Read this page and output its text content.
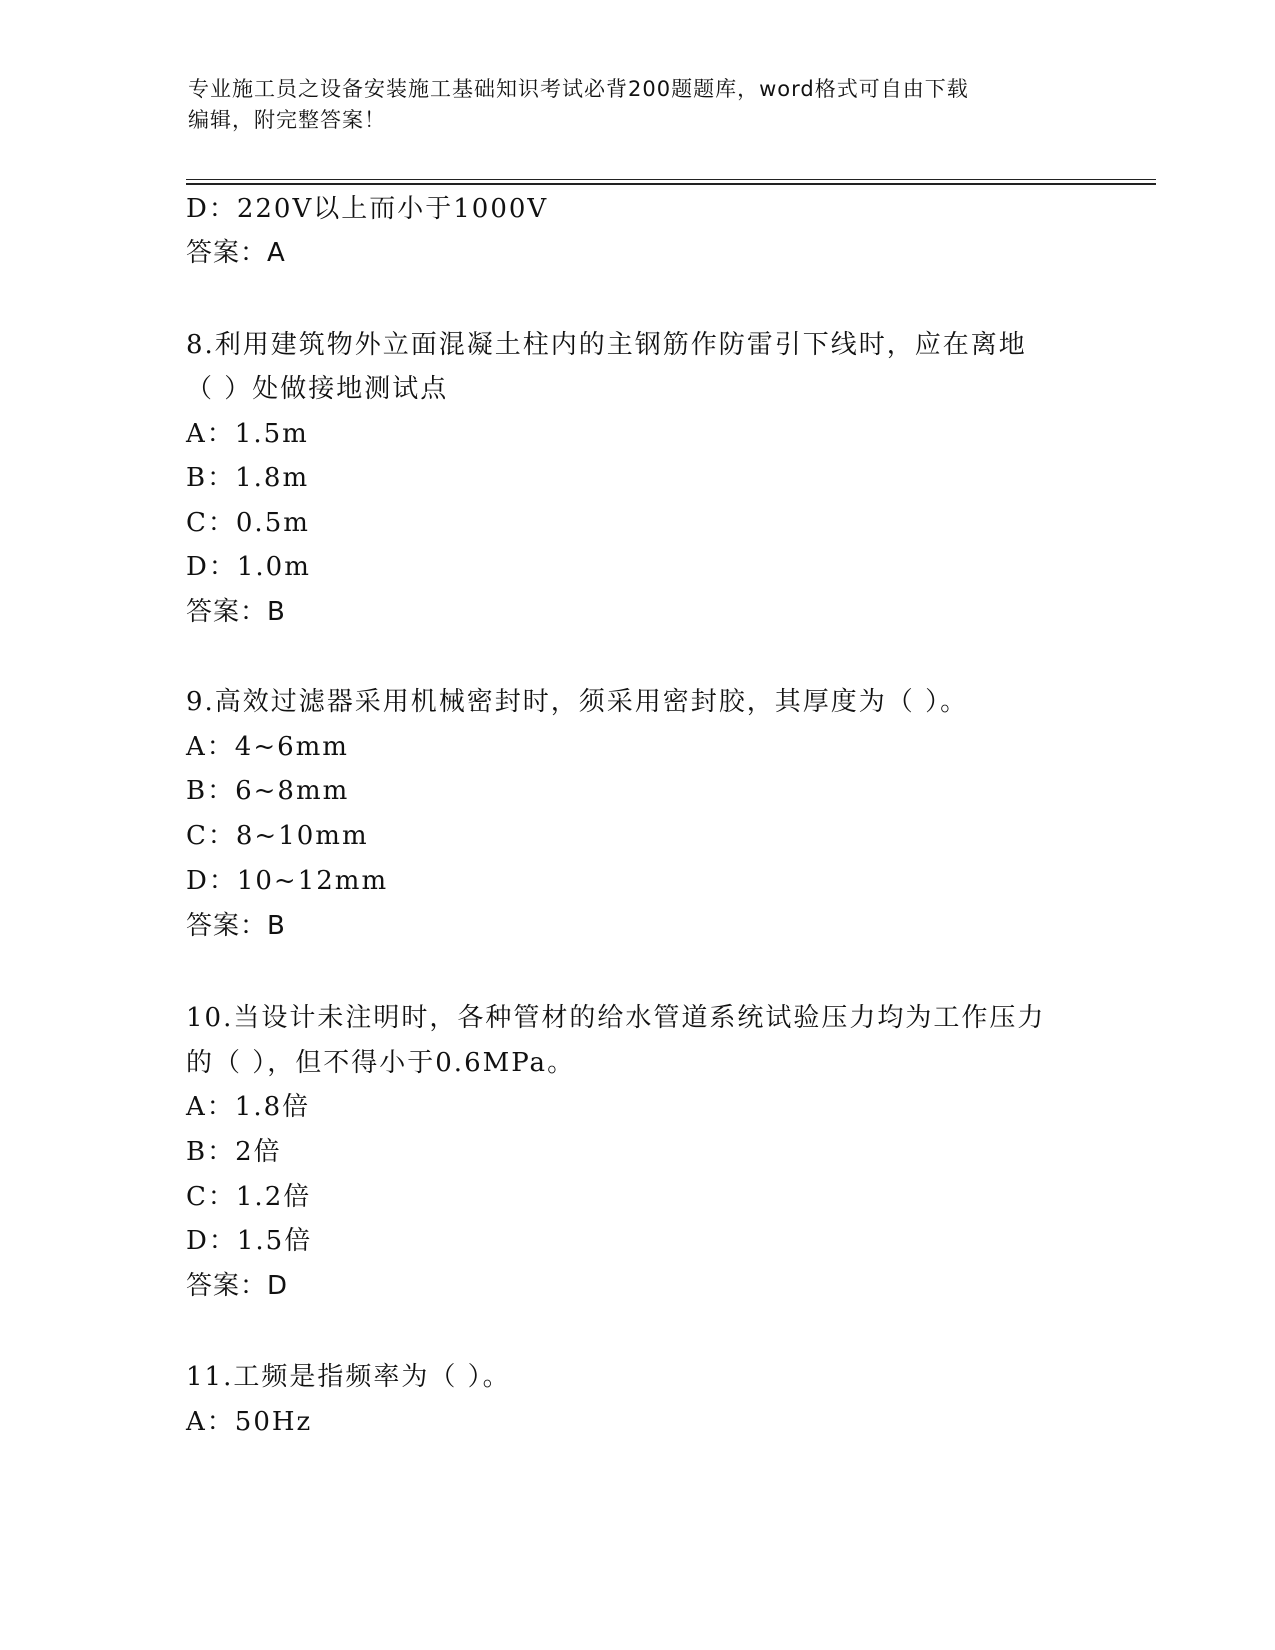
专业施工员之设备安装施工基础知识考试必背200题题库，word格式可自由下载
编辑，附完整答案！
D：220V以上而小于1000V
答案：A
8.利用建筑物外立面混凝土柱内的主钢筋作防雷引下线时，应在离地
（ ）处做接地测试点
A：1.5m
B：1.8m
C：0.5m
D：1.0m
答案：B
9.高效过滤器采用机械密封时，须采用密封胶，其厚度为（ ）。
A：4~6mm
B：6~8mm
C：8~10mm
D：10~12mm
答案：B
10.当设计未注明时，各种管材的给水管道系统试验压力均为工作压力
的（ ），但不得小于0.6MPa。
A：1.8倍
B：2倍
C：1.2倍
D：1.5倍
答案：D
11.工频是指频率为（ ）。
A：50Hz
